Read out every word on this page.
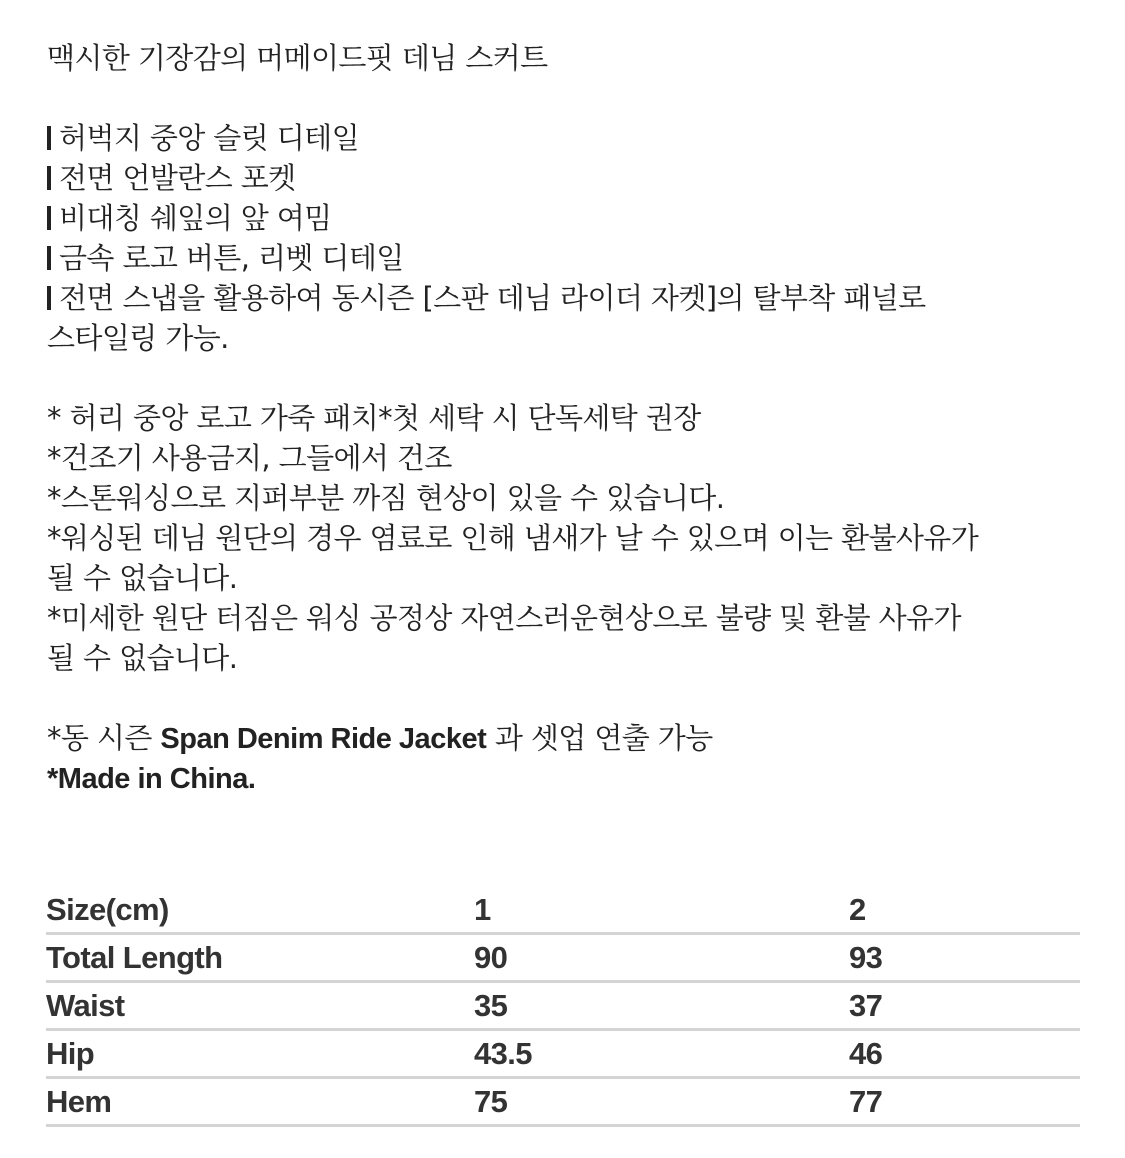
맥시한 기장감의 머메이드핏 데님 스커트
허벅지 중앙 슬릿 디테일
전면 언발란스 포켓
비대칭 쉐잎의 앞 여밈
금속 로고 버튼, 리벳 디테일
전면 스냅을 활용하여 동시즌 [스판 데님 라이더 자켓]의 탈부착 패널로
스타일링 가능.
* 허리 중앙 로고 가죽 패치*첫 세탁 시 단독세탁 권장
*건조기 사용금지, 그들에서 건조
*스톤워싱으로 지퍼부분 까짐 현상이 있을 수 있습니다.
*워싱된 데님 원단의 경우 염료로 인해 냄새가 날 수 있으며 이는 환불사유가
될 수 없습니다.
*미세한 원단 터짐은 워싱 공정상 자연스러운현상으로 불량 및 환불 사유가
될 수 없습니다.
*동 시즌 Span Denim Ride Jacket 과 셋업 연출 가능
*Made in China.
Size(cm)	1	2
Total Length	90	93
Waist	35	37
Hip	43.5	46
Hem	75	77
